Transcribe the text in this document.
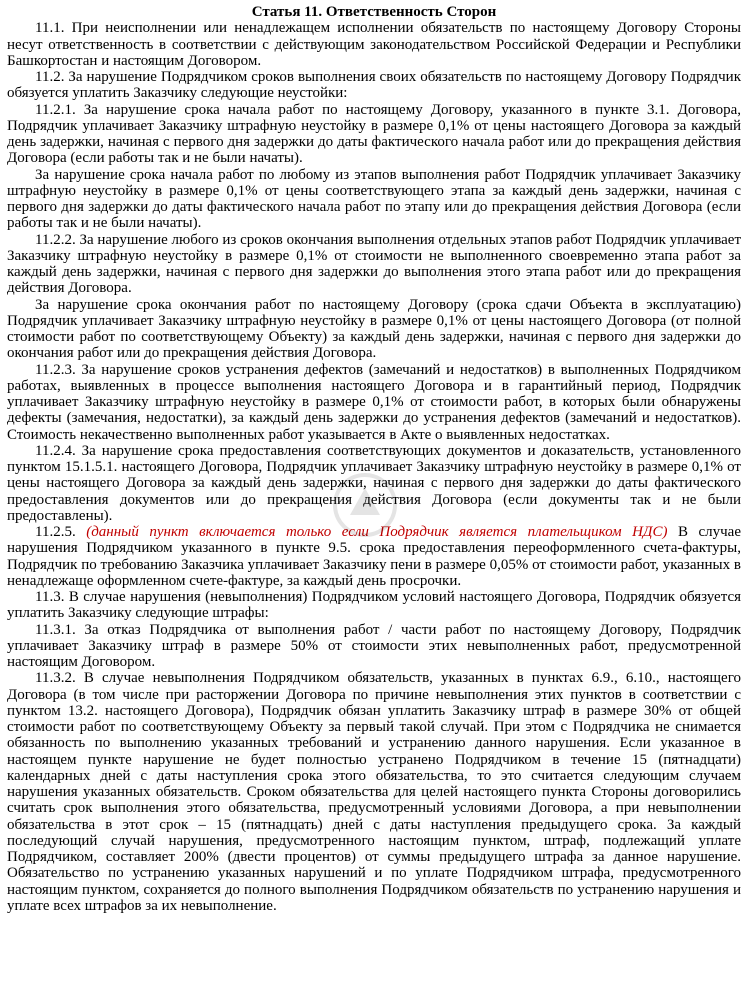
Статья 11. Ответственность Сторон

11.1. При неисполнении или ненадлежащем исполнении обязательств по настоящему Договору Стороны несут ответственность в соответствии с действующим законодательством Российской Федерации и Республики Башкортостан и настоящим Договором.

11.2. За нарушение Подрядчиком сроков выполнения своих обязательств по настоящему Договору Подрядчик обязуется уплатить Заказчику следующие неустойки:

11.2.1. За нарушение срока начала работ по настоящему Договору, указанного в пункте 3.1. Договора, Подрядчик уплачивает Заказчику штрафную неустойку в размере 0,1% от цены настоящего Договора за каждый день задержки, начиная с первого дня задержки до даты фактического начала работ или до прекращения действия Договора (если работы так и не были начаты).

За нарушение срока начала работ по любому из этапов выполнения работ Подрядчик уплачивает Заказчику штрафную неустойку в размере 0,1% от цены соответствующего этапа за каждый день задержки, начиная с первого дня задержки до даты фактического начала работ по этапу или до прекращения действия Договора (если работы так и не были начаты).

11.2.2. За нарушение любого из сроков окончания выполнения отдельных этапов работ Подрядчик уплачивает Заказчику штрафную неустойку в размере 0,1% от стоимости не выполненного своевременно этапа работ за каждый день задержки, начиная с первого дня задержки до выполнения этого этапа работ или до прекращения действия Договора.

За нарушение срока окончания работ по настоящему Договору (срока сдачи Объекта в эксплуатацию) Подрядчик уплачивает Заказчику штрафную неустойку в размере 0,1% от цены настоящего Договора (от полной стоимости работ по соответствующему Объекту) за каждый день задержки, начиная с первого дня задержки до окончания работ или до прекращения действия Договора.

11.2.3. За нарушение сроков устранения дефектов (замечаний и недостатков) в выполненных Подрядчиком работах, выявленных в процессе выполнения настоящего Договора и в гарантийный период, Подрядчик уплачивает Заказчику штрафную неустойку в размере 0,1% от стоимости работ, в которых были обнаружены дефекты (замечания, недостатки), за каждый день задержки до устранения дефектов (замечаний и недостатков). Стоимость некачественно выполненных работ указывается в Акте о выявленных недостатках.

11.2.4. За нарушение срока предоставления соответствующих документов и доказательств, установленного пунктом 15.1.5.1. настоящего Договора, Подрядчик уплачивает Заказчику штрафную неустойку в размере 0,1% от цены настоящего Договора за каждый день задержки, начиная с первого дня задержки до даты фактического предоставления документов или до прекращения действия Договора (если документы так и не были предоставлены).

11.2.5. (данный пункт включается только если Подрядчик является плательщиком НДС) В случае нарушения Подрядчиком указанного в пункте 9.5. срока предоставления переоформленного счета-фактуры, Подрядчик по требованию Заказчика уплачивает Заказчику пени в размере 0,05% от стоимости работ, указанных в ненадлежаще оформленном счете-фактуре, за каждый день просрочки.

11.3. В случае нарушения (невыполнения) Подрядчиком условий настоящего Договора, Подрядчик обязуется уплатить Заказчику следующие штрафы:

11.3.1. За отказ Подрядчика от выполнения работ / части работ по настоящему Договору, Подрядчик уплачивает Заказчику штраф в размере 50% от стоимости этих невыполненных работ, предусмотренной настоящим Договором.

11.3.2. В случае невыполнения Подрядчиком обязательств, указанных в пунктах 6.9., 6.10., настоящего Договора (в том числе при расторжении Договора по причине невыполнения этих пунктов в соответствии с пунктом 13.2. настоящего Договора), Подрядчик обязан уплатить Заказчику штраф в размере 30% от общей стоимости работ по соответствующему Объекту за первый такой случай. При этом с Подрядчика не снимается обязанность по выполнению указанных требований и устранению данного нарушения. Если указанное в настоящем пункте нарушение не будет полностью устранено Подрядчиком в течение 15 (пятнадцати) календарных дней с даты наступления срока этого обязательства, то это считается следующим случаем нарушения указанных обязательств. Сроком обязательства для целей настоящего пункта Стороны договорились считать срок выполнения этого обязательства, предусмотренный условиями Договора, а при невыполнении обязательства в этот срок – 15 (пятнадцать) дней с даты наступления предыдущего срока. За каждый последующий случай нарушения, предусмотренного настоящим пунктом, штраф, подлежащий уплате Подрядчиком, составляет 200% (двести процентов) от суммы предыдущего штрафа за данное нарушение. Обязательство по устранению указанных нарушений и по уплате Подрядчиком штрафа, предусмотренного настоящим пунктом, сохраняется до полного выполнения Подрядчиком обязательств по устранению нарушения и уплате всех штрафов за их невыполнение.
